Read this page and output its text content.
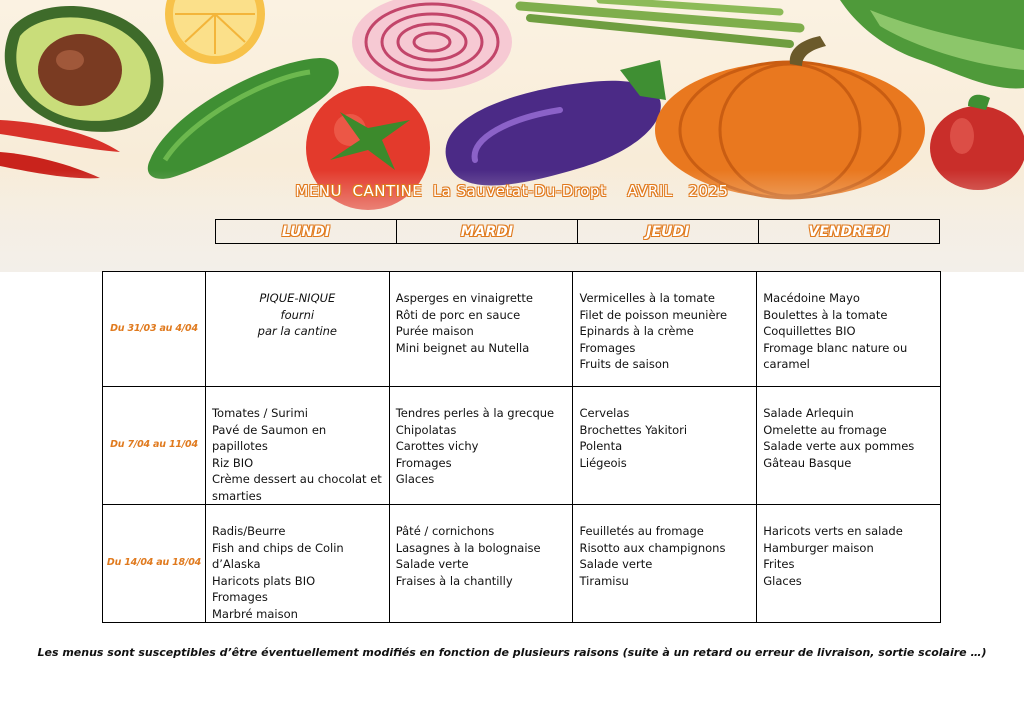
MENU  CANTINE  La Sauvetat-Du-Dropt    AVRIL   2025
LUNDI	MARDI	JEUDI	VENDREDI
Du 31/03 au 4/04	PIQUE-NIQUE
fourni
par la cantine	Asperges en vinaigrette
Rôti de porc en sauce
Purée maison
Mini beignet au Nutella	Vermicelles à la tomate
Filet de poisson meunière
Epinards à la crème
Fromages
Fruits de saison	Macédoine Mayo
Boulettes à la tomate
Coquillettes BIO
Fromage blanc nature ou caramel

Du 7/04 au 11/04	Tomates / Surimi
Pavé de Saumon en papillotes
Riz BIO
Crème dessert au chocolat et smarties	Tendres perles à la grecque
Chipolatas
Carottes vichy
Fromages
Glaces	Cervelas
Brochettes Yakitori
Polenta
Liégeois	Salade Arlequin
Omelette au fromage
Salade verte aux pommes
Gâteau Basque

Du 14/04 au 18/04	Radis/Beurre
Fish and chips de Colin d’Alaska
Haricots plats BIO
Fromages
Marbré maison	Pâté / cornichons
Lasagnes à la bolognaise
Salade verte
Fraises à la chantilly	Feuilletés au fromage
Risotto aux champignons
Salade verte
Tiramisu	Haricots verts en salade
Hamburger maison
Frites
Glaces
Les menus sont susceptibles d’être éventuellement modifiés en fonction de plusieurs raisons (suite à un retard ou erreur de livraison, sortie scolaire …)
